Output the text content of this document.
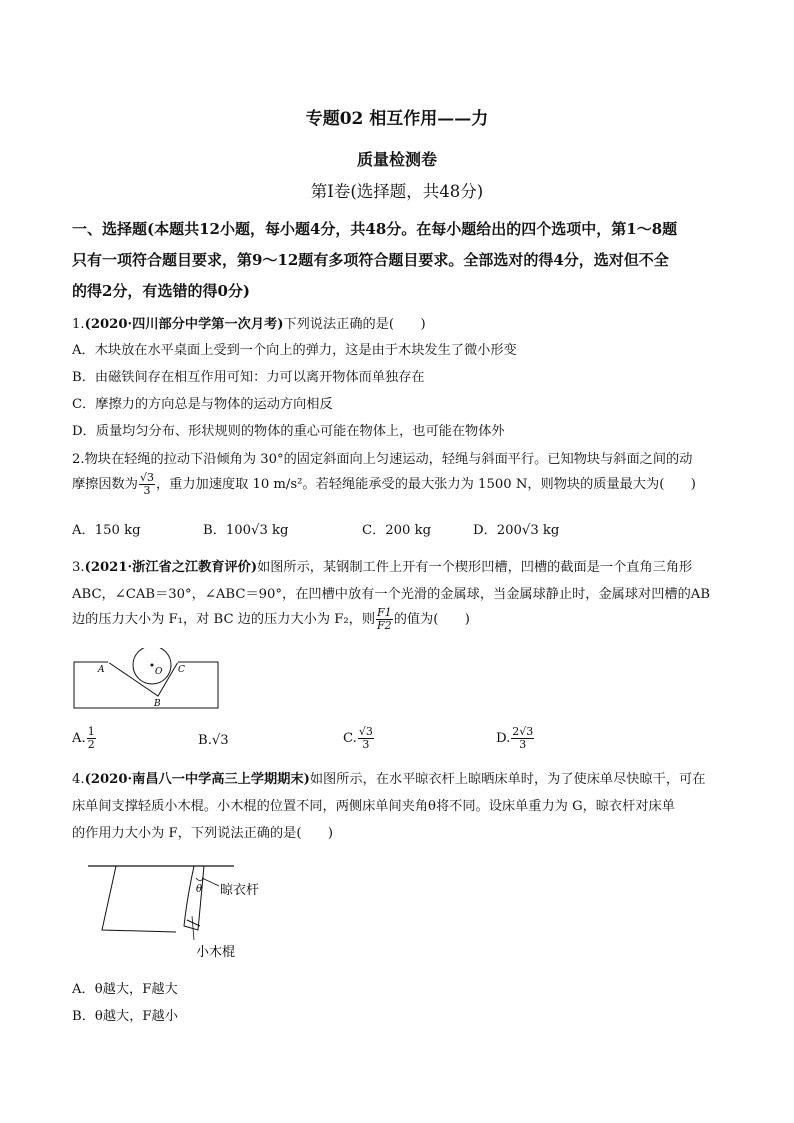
专题02 相互作用——力
质量检测卷
第Ⅰ卷(选择题，共48分)
一、选择题(本题共12小题，每小题4分，共48分。在每小题给出的四个选项中，第1～8题
只有一项符合题目要求，第9～12题有多项符合题目要求。全部选对的得4分，选对但不全
的得2分，有选错的得0分)
1.(2020·四川部分中学第一次月考)下列说法正确的是(　　)
A．木块放在水平桌面上受到一个向上的弹力，这是由于木块发生了微小形变
B．由磁铁间存在相互作用可知：力可以离开物体而单独存在
C．摩擦力的方向总是与物体的运动方向相反
D．质量均匀分布、形状规则的物体的重心可能在物体上，也可能在物体外
2.物块在轻绳的拉动下沿倾角为 30°的固定斜面向上匀速运动，轻绳与斜面平行。已知物块与斜面之间的动
摩擦因数为 $\frac{√3}{3}$ ，重力加速度取 10 m/s²。若轻绳能承受的最大张力为 1500 N，则物块的质量最大为(　　)
A．150 kg	B．100√3 kg	C．200 kg	D．200√3 kg
3.(2021·浙江省之江教育评价)如图所示，某钢制工件上开有一个楔形凹槽，凹槽的截面是一个直角三角形
ABC，∠CAB＝30°，∠ABC＝90°，在凹槽中放有一个光滑的金属球，当金属球静止时，金属球对凹槽的AB
边的压力大小为 F₁，对 BC 边的压力大小为 F₂，则 $\frac{F1}{F2}$ 的值为(　　)
A	O C
B
A. $\frac{1}{2}$	B.√3	C. $\frac{√3}{3}$	D. $\frac{2√3}{3}$
4.(2020·南昌八一中学高三上学期期末)如图所示，在水平晾衣杆上晾晒床单时，为了使床单尽快晾干，可在
床单间支撑轻质小木棍。小木棍的位置不同，两侧床单间夹角θ将不同。设床单重力为 G，晾衣杆对床单
的作用力大小为 F，下列说法正确的是(　　)
θ 晾衣杆
小木棍
A．θ越大，F越大
B．θ越大，F越小
